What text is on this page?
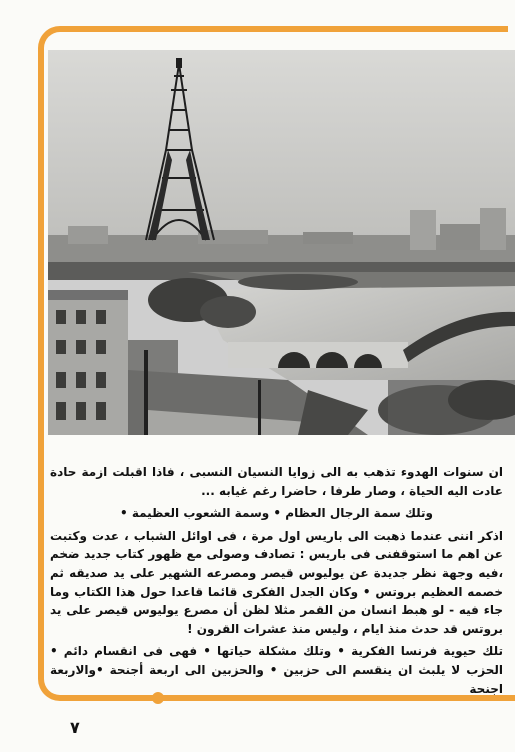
ان سنوات الهدوء تذهب به الى زوايا النسيان النسبى ، فاذا اقبلت ازمة حادة عادت اليه الحياة ، وصار طرفا ، حاضرا رغم غيابه ...

وتلك سمة الرجال العظام • وسمة الشعوب العظيمة •

اذكر اننى عندما ذهبت الى باريس اول مرة ، فى اوائل الشباب ، عدت وكتبت عن اهم ما استوقفنى فى باريس : تصادف وصولى مع ظهور كتاب جديد ضخم ،فيه وجهة نظر جديدة عن يوليوس قيصر ومصرعه الشهير على يد صديقه ثم خصمه العظيم بروتس • وكان الجدل الفكرى قائما قاعدا حول هذا الكتاب وما جاء فيه - لو هبط انسان من القمر مثلا لظن أن مصرع يوليوس قيصر على يد بروتس قد حدث منذ ايام ، وليس منذ عشرات القرون !

تلك حيوية فرنسا الفكرية • وتلك مشكلة حياتها • فهى فى انقسام دائم • الحزب لا يلبث ان ينقسم الى حزبين • والحزبين الى اربعة أجنحة •والاربعة اجنحة

٧
